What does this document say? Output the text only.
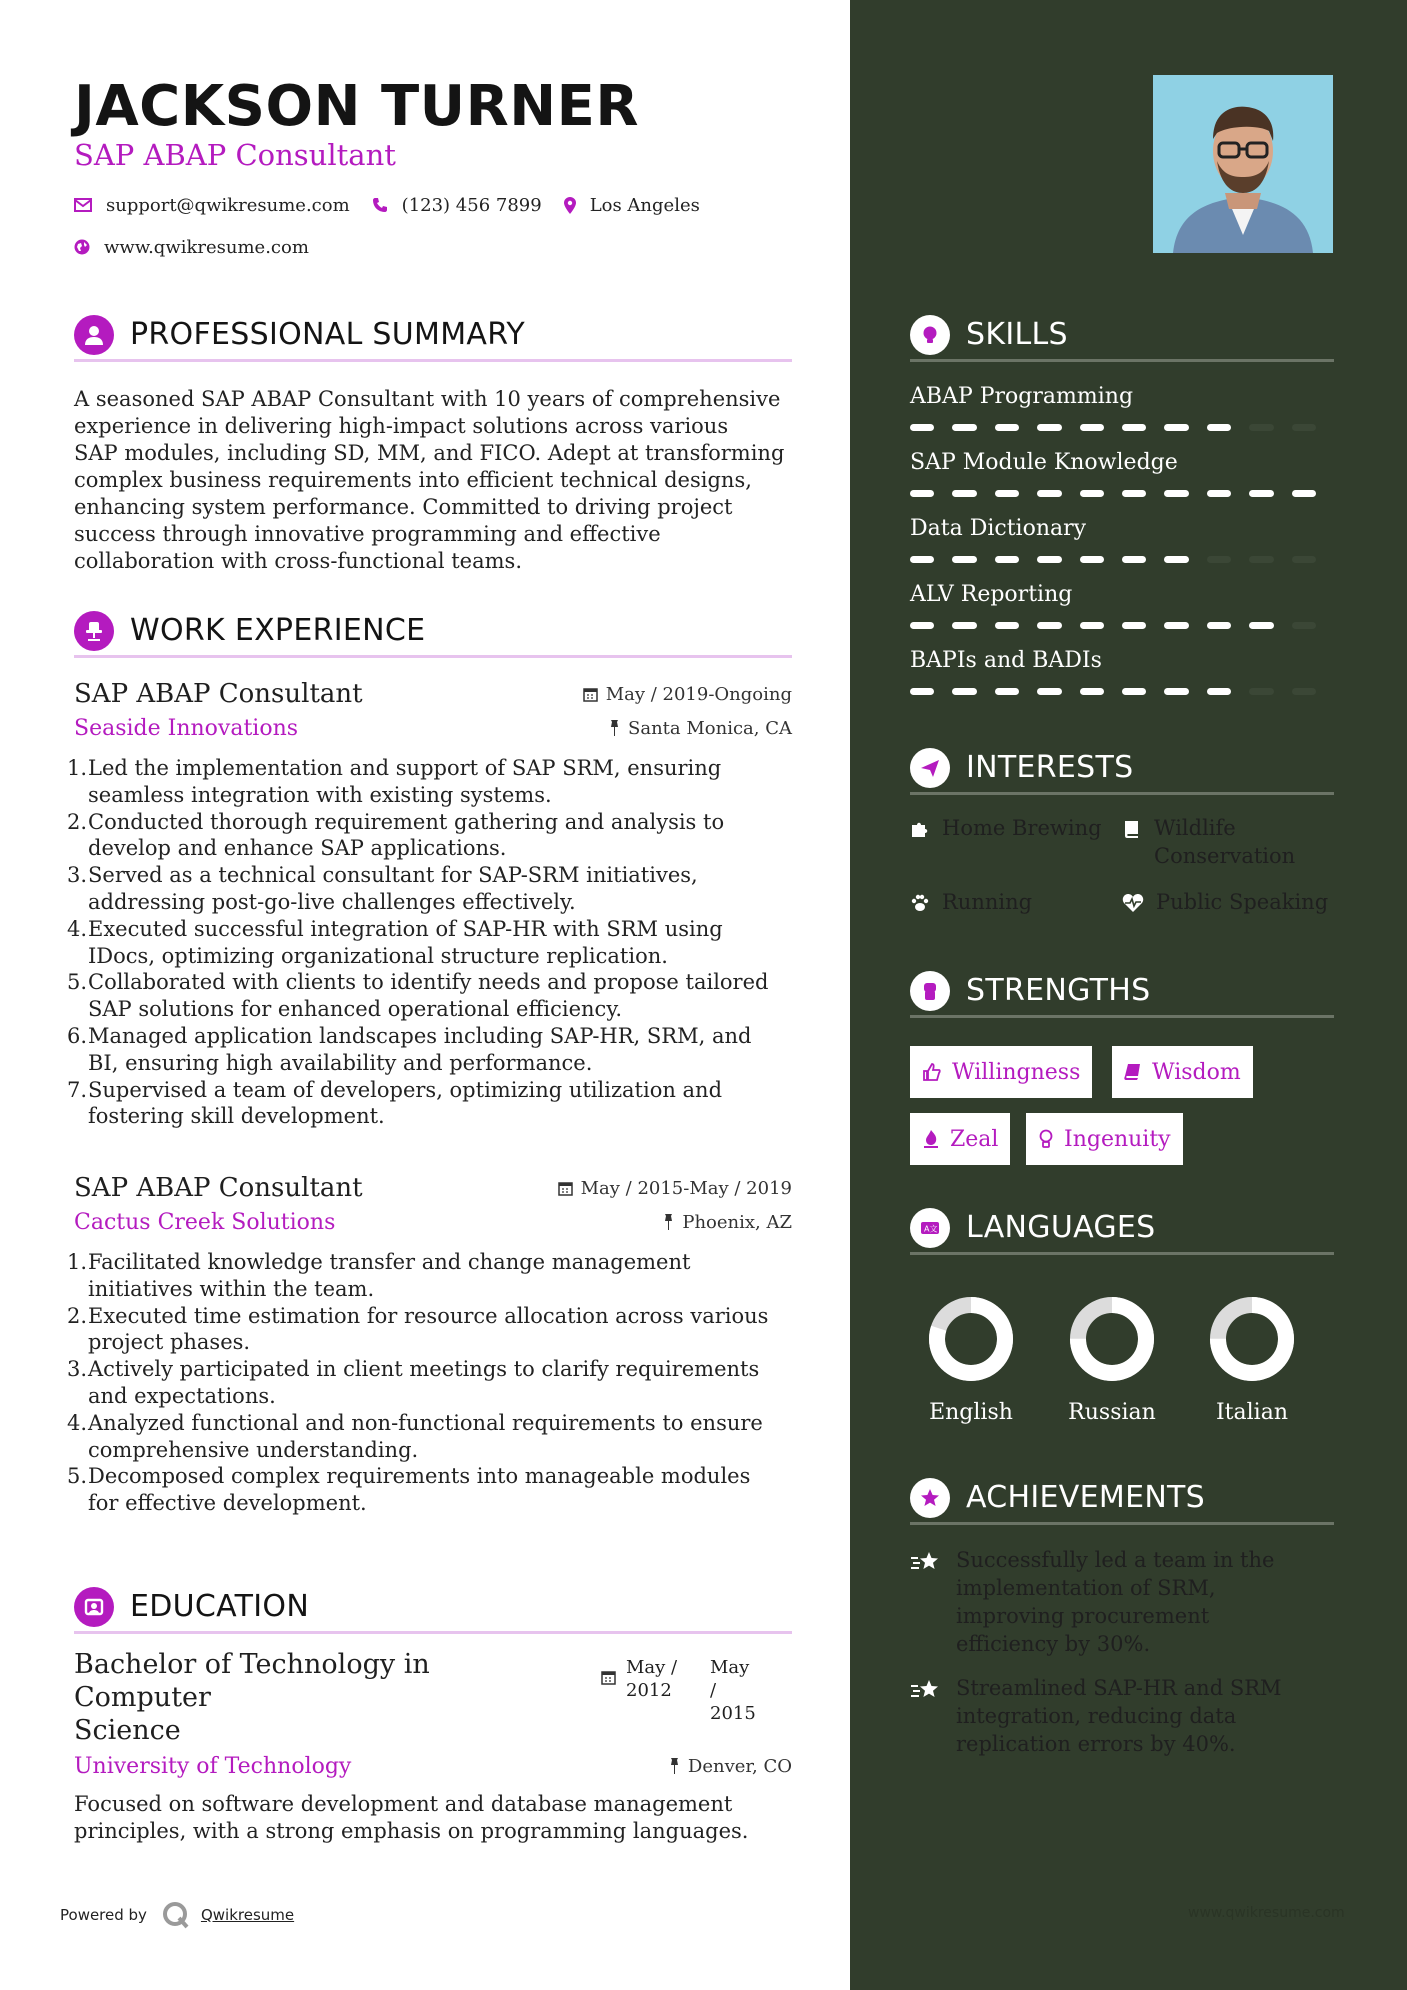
JACKSON TURNER
SAP ABAP Consultant
support@qwikresume.com	(123) 456 7899	Los Angeles
www.qwikresume.com
PROFESSIONAL SUMMARY
A seasoned SAP ABAP Consultant with 10 years of comprehensive
experience in delivering high-impact solutions across various
SAP modules, including SD, MM, and FICO. Adept at transforming
complex business requirements into efficient technical designs,
enhancing system performance. Committed to driving project
success through innovative programming and effective
collaboration with cross-functional teams.
WORK EXPERIENCE
SAP ABAP Consultant	May / 2019-Ongoing
Seaside Innovations	Santa Monica, CA
1. Led the implementation and support of SAP SRM, ensuring
seamless integration with existing systems.
2. Conducted thorough requirement gathering and analysis to
develop and enhance SAP applications.
3. Served as a technical consultant for SAP-SRM initiatives,
addressing post-go-live challenges effectively.
4. Executed successful integration of SAP-HR with SRM using
IDocs, optimizing organizational structure replication.
5. Collaborated with clients to identify needs and propose tailored
SAP solutions for enhanced operational efficiency.
6. Managed application landscapes including SAP-HR, SRM, and
BI, ensuring high availability and performance.
7. Supervised a team of developers, optimizing utilization and
fostering skill development.
SAP ABAP Consultant	May / 2015-May / 2019
Cactus Creek Solutions	Phoenix, AZ
1. Facilitated knowledge transfer and change management
initiatives within the team.
2. Executed time estimation for resource allocation across various
project phases.
3. Actively participated in client meetings to clarify requirements
and expectations.
4. Analyzed functional and non-functional requirements to ensure
comprehensive understanding.
5. Decomposed complex requirements into manageable modules
for effective development.
EDUCATION
Bachelor of Technology in Computer
Science
May /
2012
May /
2015
University of Technology	Denver, CO
Focused on software development and database management
principles, with a strong emphasis on programming languages.
Powered by	Qwikresume
SKILLS
ABAP Programming
SAP Module Knowledge
Data Dictionary
ALV Reporting
BAPIs and BADIs
INTERESTS
Home Brewing Wildlife
Conservation
Running	Public Speaking
STRENGTHS
Willingness	Wisdom
Zeal	Ingenuity
A文 LANGUAGES
English	Russian	Italian
ACHIEVEMENTS
Successfully led a team in the
implementation of SRM,
improving procurement
efficiency by 30%.
Streamlined SAP-HR and SRM
integration, reducing data
replication errors by 40%.
www.qwikresume.com
